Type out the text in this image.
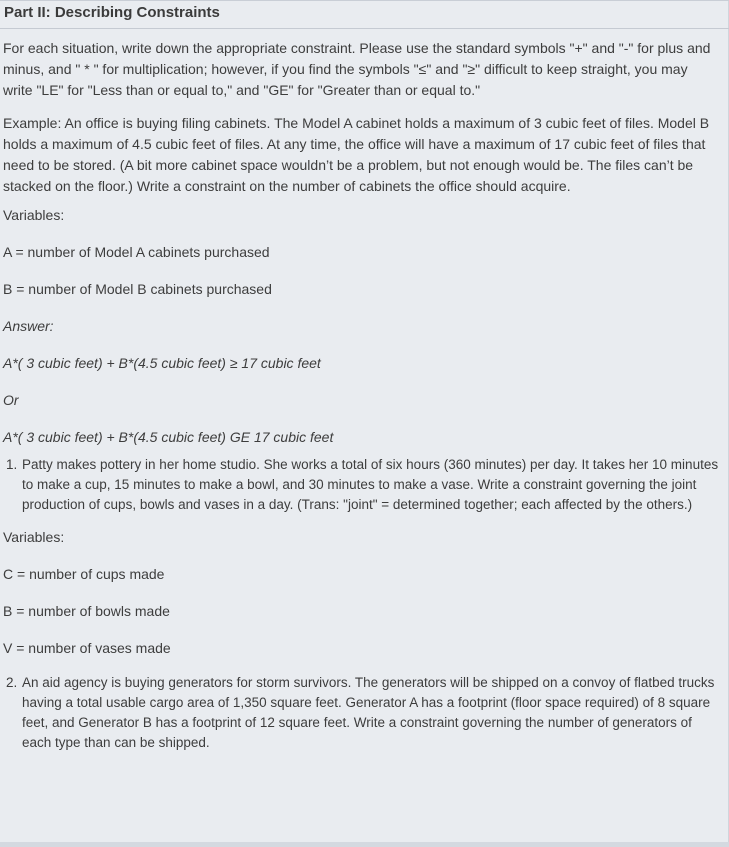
Part II: Describing Constraints

For each situation, write down the appropriate constraint. Please use the standard symbols "+" and "-" for plus and minus, and " * " for multiplication; however, if you find the symbols "≤" and "≥" difficult to keep straight, you may write "LE" for "Less than or equal to," and "GE" for "Greater than or equal to."

Example: An office is buying filing cabinets. The Model A cabinet holds a maximum of 3 cubic feet of files. Model B holds a maximum of 4.5 cubic feet of files. At any time, the office will have a maximum of 17 cubic feet of files that need to be stored. (A bit more cabinet space wouldn’t be a problem, but not enough would be. The files can’t be stacked on the floor.) Write a constraint on the number of cabinets the office should acquire.

Variables:

A = number of Model A cabinets purchased

B = number of Model B cabinets purchased

Answer:

A*( 3 cubic feet) + B*(4.5 cubic feet) ≥ 17 cubic feet

Or

A*( 3 cubic feet) + B*(4.5 cubic feet) GE 17 cubic feet

1. Patty makes pottery in her home studio. She works a total of six hours (360 minutes) per day. It takes her 10 minutes to make a cup, 15 minutes to make a bowl, and 30 minutes to make a vase. Write a constraint governing the joint production of cups, bowls and vases in a day. (Trans: "joint" = determined together; each affected by the others.)

Variables:

C = number of cups made

B = number of bowls made

V = number of vases made

2. An aid agency is buying generators for storm survivors. The generators will be shipped on a convoy of flatbed trucks having a total usable cargo area of 1,350 square feet. Generator A has a footprint (floor space required) of 8 square feet, and Generator B has a footprint of 12 square feet. Write a constraint governing the number of generators of each type than can be shipped.
